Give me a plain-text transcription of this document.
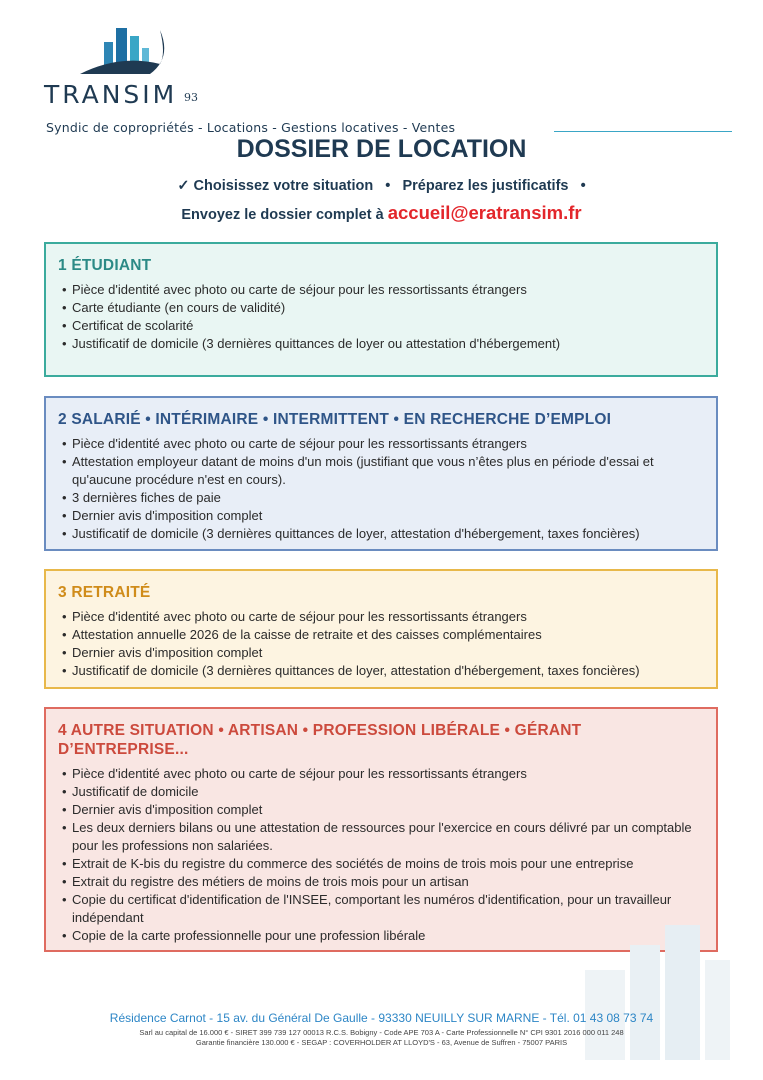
TRANSIM 93
Syndic de copropriétés - Locations - Gestions locatives - Ventes
DOSSIER DE LOCATION
✓ Choisissez votre situation   •   Préparez les justificatifs   •
Envoyez le dossier complet à accueil@eratransim.fr
1 ÉTUDIANT
• Pièce d'identité avec photo ou carte de séjour pour les ressortissants étrangers
• Carte étudiante (en cours de validité)
• Certificat de scolarité
• Justificatif de domicile (3 dernières quittances de loyer ou attestation d'hébergement)
2 SALARIÉ • INTÉRIMAIRE • INTERMITTENT • EN RECHERCHE D’EMPLOI
• Pièce d'identité avec photo ou carte de séjour pour les ressortissants étrangers
• Attestation employeur datant de moins d'un mois (justifiant que vous n’êtes plus en période d'essai et qu'aucune procédure n'est en cours).
• 3 dernières fiches de paie
• Dernier avis d'imposition complet
• Justificatif de domicile (3 dernières quittances de loyer, attestation d'hébergement, taxes foncières)
3 RETRAITÉ
• Pièce d'identité avec photo ou carte de séjour pour les ressortissants étrangers
• Attestation annuelle 2026 de la caisse de retraite et des caisses complémentaires
• Dernier avis d'imposition complet
• Justificatif de domicile (3 dernières quittances de loyer, attestation d'hébergement, taxes foncières)
4 AUTRE SITUATION • ARTISAN • PROFESSION LIBÉRALE • GÉRANT D’ENTREPRISE...
• Pièce d'identité avec photo ou carte de séjour pour les ressortissants étrangers
• Justificatif de domicile
• Dernier avis d'imposition complet
• Les deux derniers bilans ou une attestation de ressources pour l'exercice en cours délivré par un comptable pour les professions non salariées.
• Extrait de K-bis du registre du commerce des sociétés de moins de trois mois pour une entreprise
• Extrait du registre des métiers de moins de trois mois pour un artisan
• Copie du certificat d'identification de l'INSEE, comportant les numéros d'identification, pour un travailleur indépendant
• Copie de la carte professionnelle pour une profession libérale
Résidence Carnot - 15 av. du Général De Gaulle - 93330 NEUILLY SUR MARNE - Tél. 01 43 08 73 74
Sarl au capital de 16.000 € - SIRET 399 739 127 00013 R.C.S. Bobigny - Code APE 703 A - Carte Professionnelle N° CPI 9301 2016 000 011 248
Garantie financière 130.000 € - SEGAP : COVERHOLDER AT LLOYD'S - 63, Avenue de Suffren - 75007 PARIS
